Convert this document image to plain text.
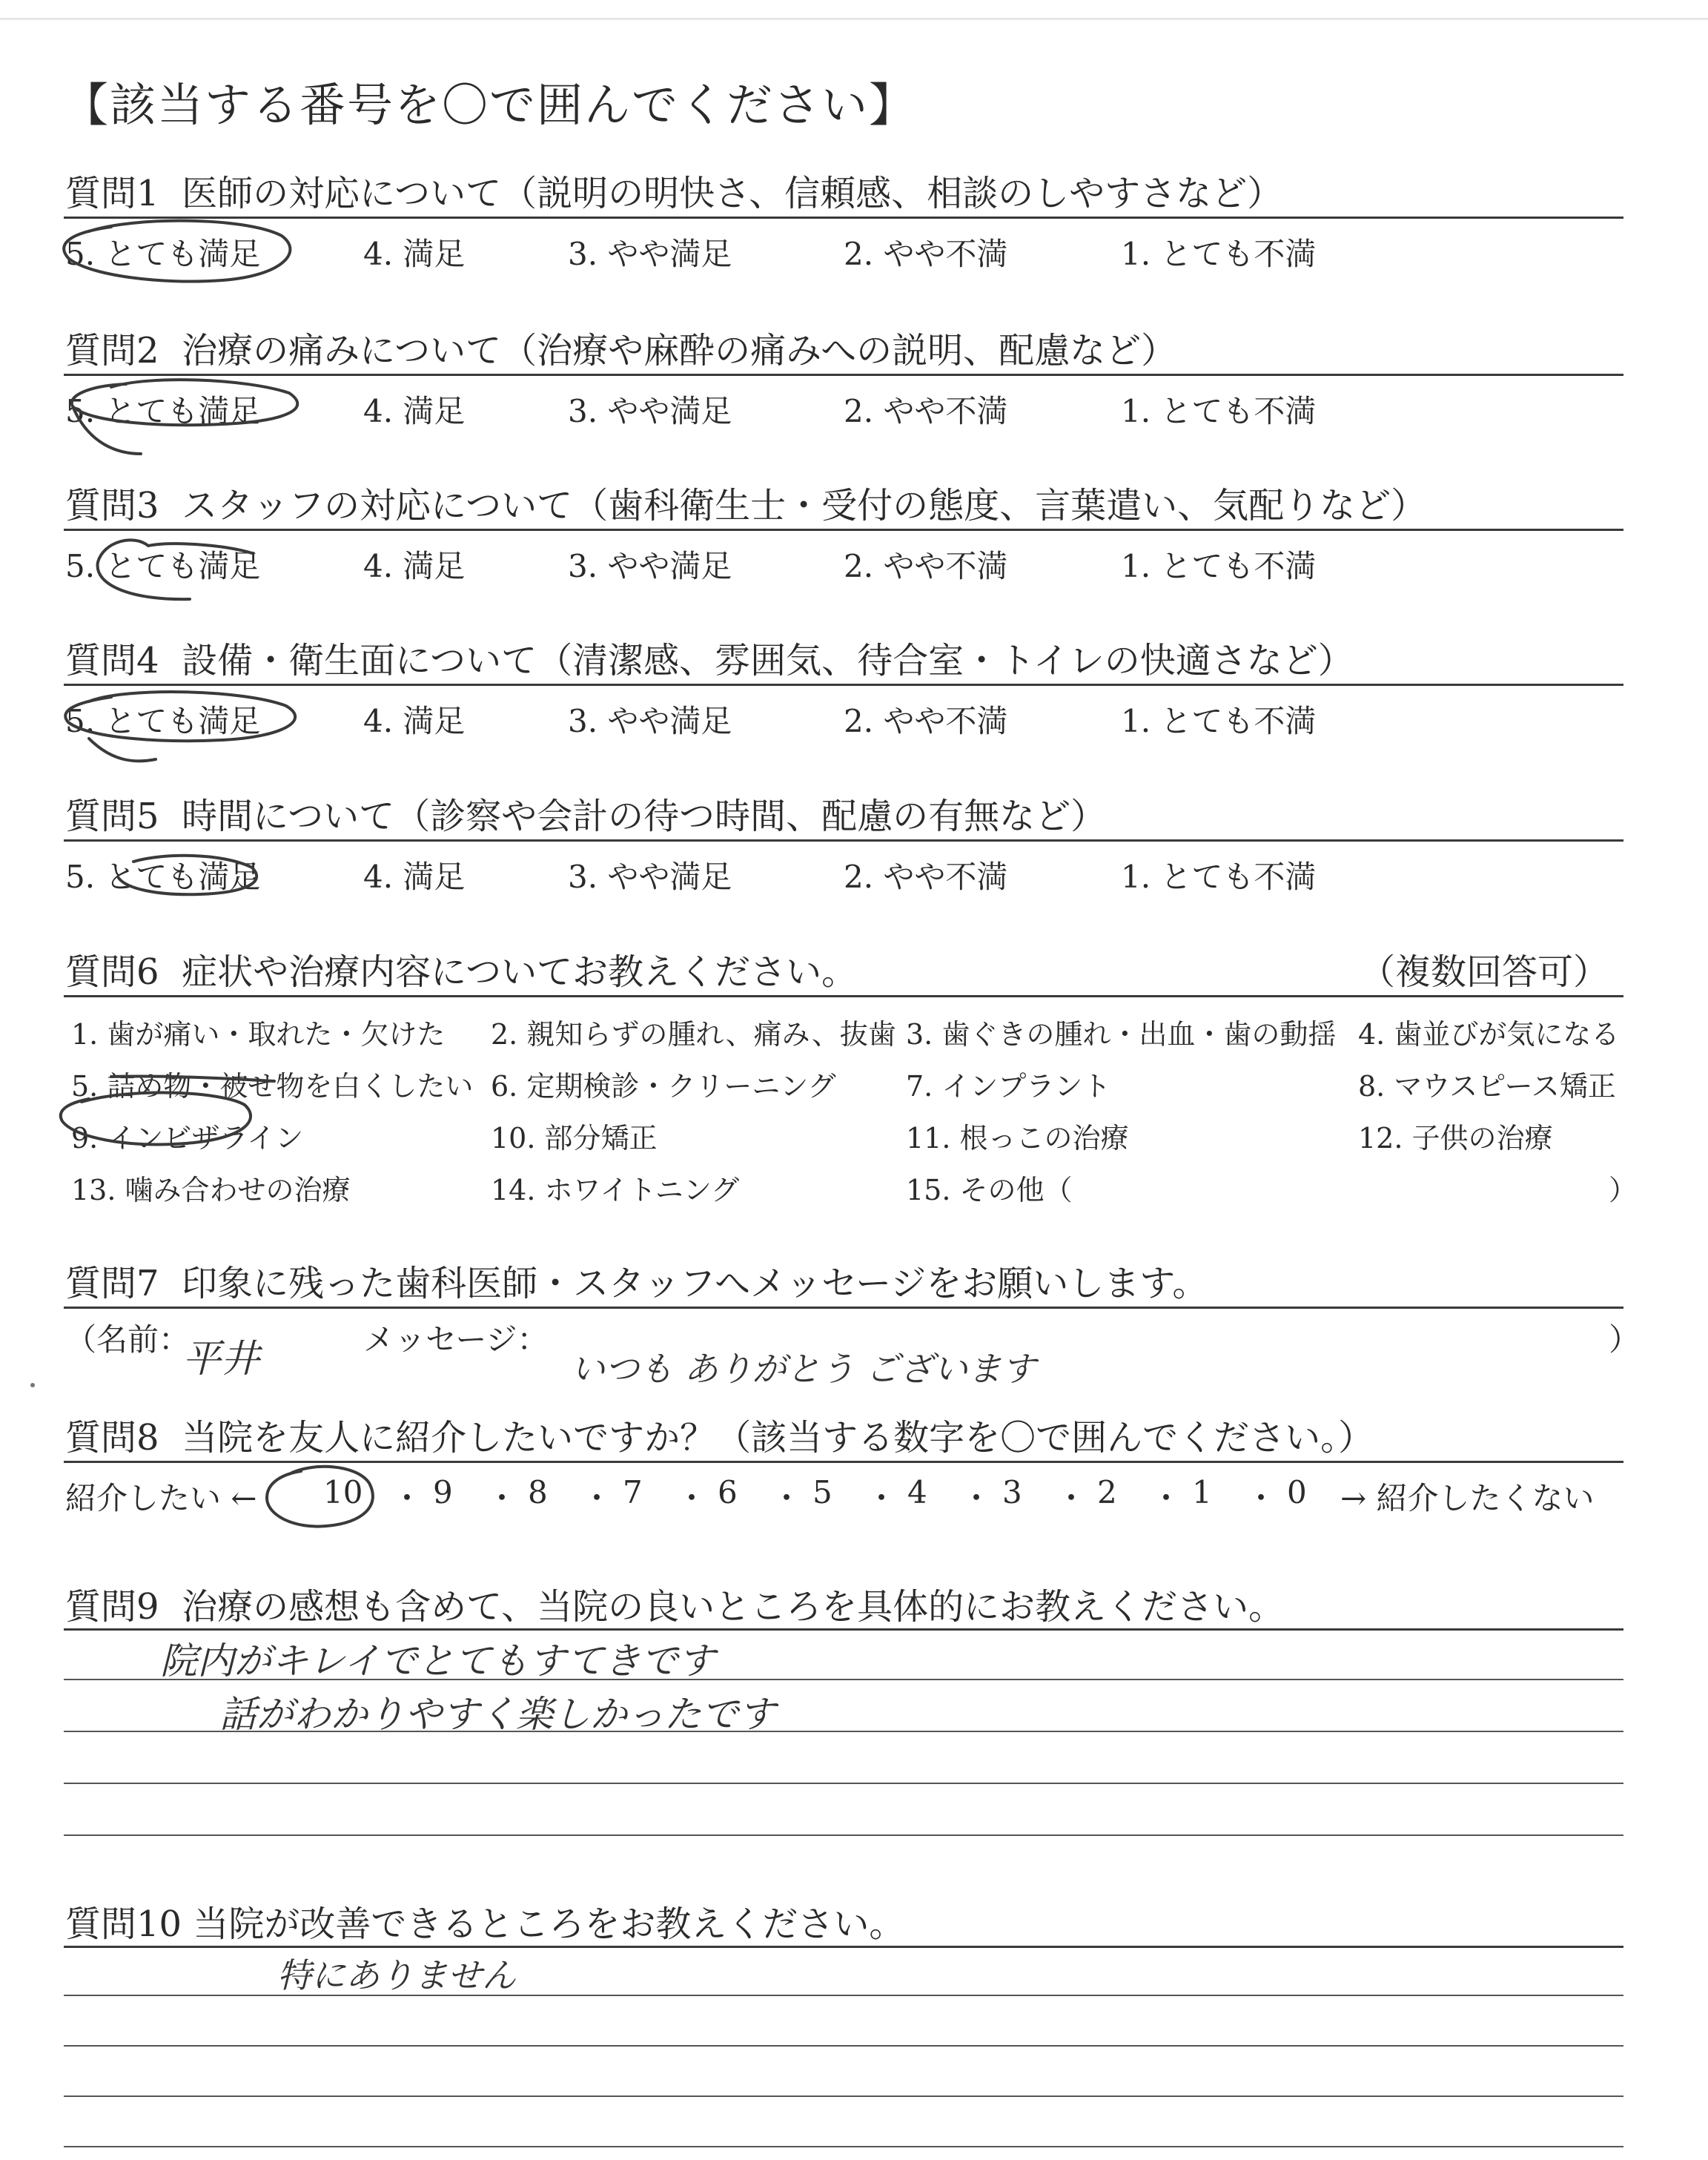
【該当する番号を〇で囲んでください】
質問1 医師の対応について（説明の明快さ、信頼感、相談のしやすさなど）
5. とても満足	4. 満足	3. やや満足	2. やや不満	1. とても不満
質問2 治療の痛みについて（治療や麻酔の痛みへの説明、配慮など）
5. とても満足	4. 満足	3. やや満足	2. やや不満	1. とても不満
質問3 スタッフの対応について（歯科衛生士・受付の態度、言葉遣い、気配りなど）
5. とても満足	4. 満足	3. やや満足	2. やや不満	1. とても不満
質問4 設備・衛生面について（清潔感、雰囲気、待合室・トイレの快適さなど）
5. とても満足	4. 満足	3. やや満足	2. やや不満	1. とても不満
質問5 時間について（診察や会計の待つ時間、配慮の有無など）
5. とても満足	4. 満足	3. やや満足	2. やや不満	1. とても不満
質問6 症状や治療内容についてお教えください。	（複数回答可）
1. 歯が痛い・取れた・欠けた 2. 親知らずの腫れ、痛み、抜歯 3. 歯ぐきの腫れ・出血・歯の動揺 4. 歯並びが気になる
5. 詰め物・被せ物を白くしたい 6. 定期検診・クリーニング 7. インプラント	8. マウスピース矯正
9. インビザライン	10. 部分矯正	11. 根っこの治療	12. 子供の治療
13. 噛み合わせの治療	14. ホワイトニング	15. その他（	）
質問7 印象に残った歯科医師・スタッフへメッセージをお願いします。
（名前：
平井	メッセージ：
いつも ありがとう ございます
）
質問8 当院を友人に紹介したいですか？（該当する数字を〇で囲んでください。）
紹介したい ← 10 ・ 9 ・ 8 ・ 7 ・ 6 ・ 5 ・ 4 ・ 3 ・ 2 ・ 1 ・ 0 → 紹介したくない
質問9 治療の感想も含めて、当院の良いところを具体的にお教えください。
院内がキレイでとてもすてきです
話がわかりやすく楽しかったです
質問10 当院が改善できるところをお教えください。
特にありません
